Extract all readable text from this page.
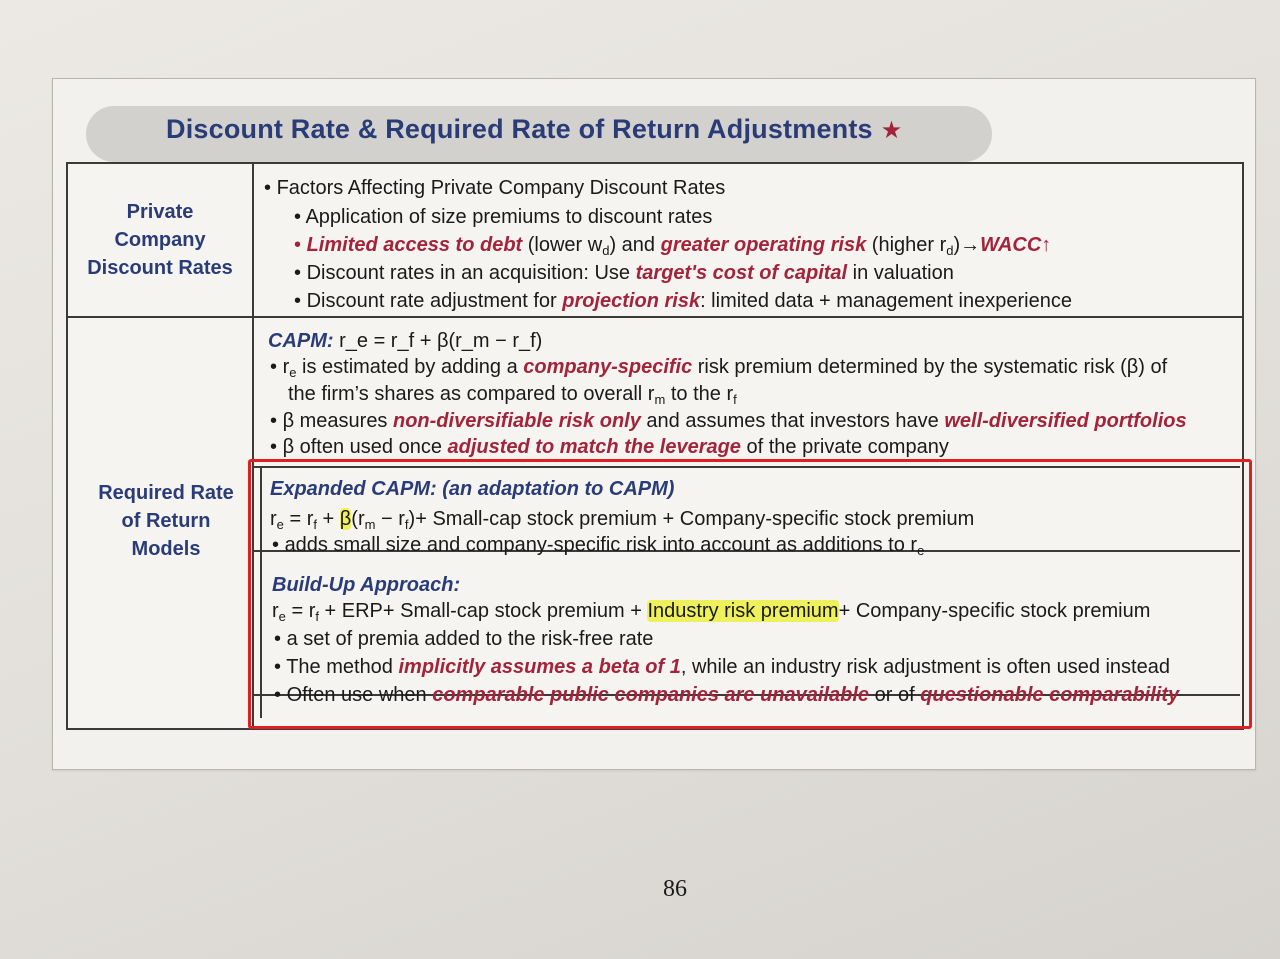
Discount Rate & Required Rate of Return Adjustments ★
Private
Company
Discount Rates
Required Rate
of Return
Models
• Factors Affecting Private Company Discount Rates
• Application of size premiums to discount rates
• Limited access to debt (lower $w_d$) and greater operating risk (higher $r_d)\to WACC↑$
• Discount rates in an acquisition: Use target's cost of capital in valuation
• Discount rate adjustment for projection risk: limited data + management inexperience
CAPM: r_e = r_f + β(r_m − r_f)
• $r_e$ is estimated by adding a company-specific risk premium determined by the systematic risk (β) of
the firm’s shares as compared to overall $r_m$ to the $r_f$
• β measures non-diversifiable risk only and assumes that investors have well-diversified portfolios
• β often used once adjusted to match the leverage of the private company
Expanded CAPM: (an adaptation to CAPM)
$r_e = r_f + \beta(r_m - r_f)+$ Small-cap stock premium + Company-specific stock premium
• adds small size and company-specific risk into account as additions to $r_e$
Build-Up Approach:
$r_e = r_f + ERP+$ Small-cap stock premium + Industry risk premium+ Company-specific stock premium
• a set of premia added to the risk-free rate
• The method implicitly assumes a beta of 1, while an industry risk adjustment is often used instead
• Often use when comparable public companies are unavailable or of questionable comparability
86
